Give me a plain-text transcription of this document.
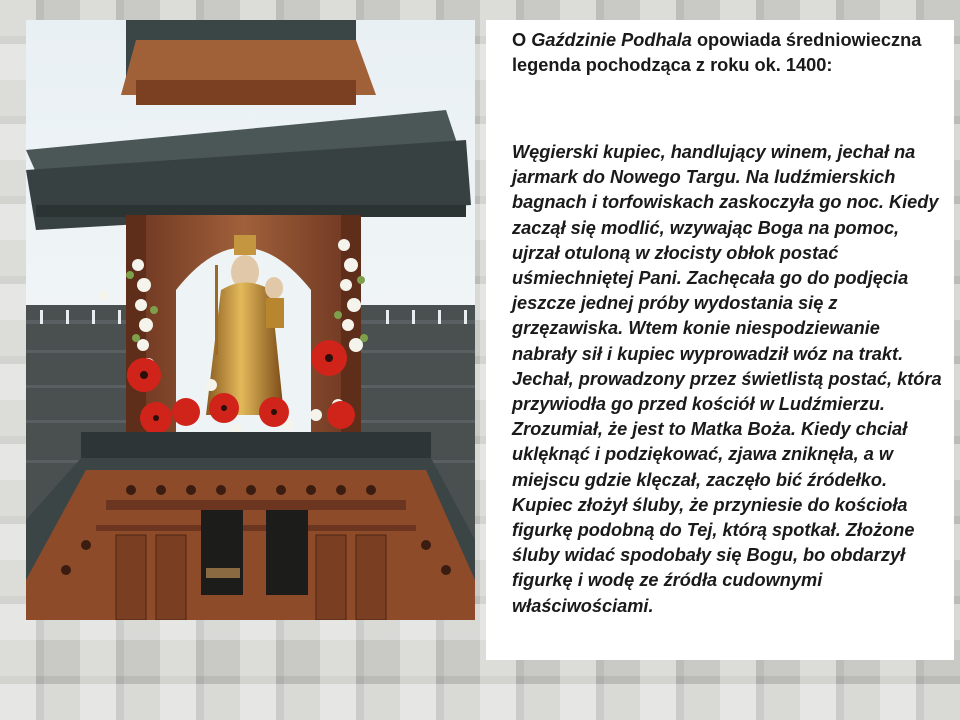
O Gaździnie Podhala opowiada średniowieczna legenda pochodząca z roku ok. 1400:
Węgierski kupiec, handlujący winem, jechał na jarmark do Nowego Targu. Na ludźmierskich bagnach i torfowiskach zaskoczyła go noc. Kiedy zaczął się modlić, wzywając Boga na pomoc, ujrzał otuloną w złocisty obłok postać uśmiechniętej Pani. Zachęcała go do podjęcia jeszcze jednej próby wydostania się z grzęzawiska. Wtem konie niespodziewanie nabrały sił i kupiec wyprowadził wóz na trakt. Jechał, prowadzony przez świetlistą postać, która przywiodła go przed kościół w Ludźmierzu. Zrozumiał, że jest to Matka Boża. Kiedy chciał uklęknąć i podziękować, zjawa zniknęła, a w miejscu gdzie klęczał, zaczęło bić źródełko. Kupiec złożył śluby, że przyniesie do kościoła figurkę podobną do Tej, którą spotkał. Złożone śluby widać spodobały się Bogu, bo obdarzył figurkę i wodę ze źródła cudownymi właściwościami.
